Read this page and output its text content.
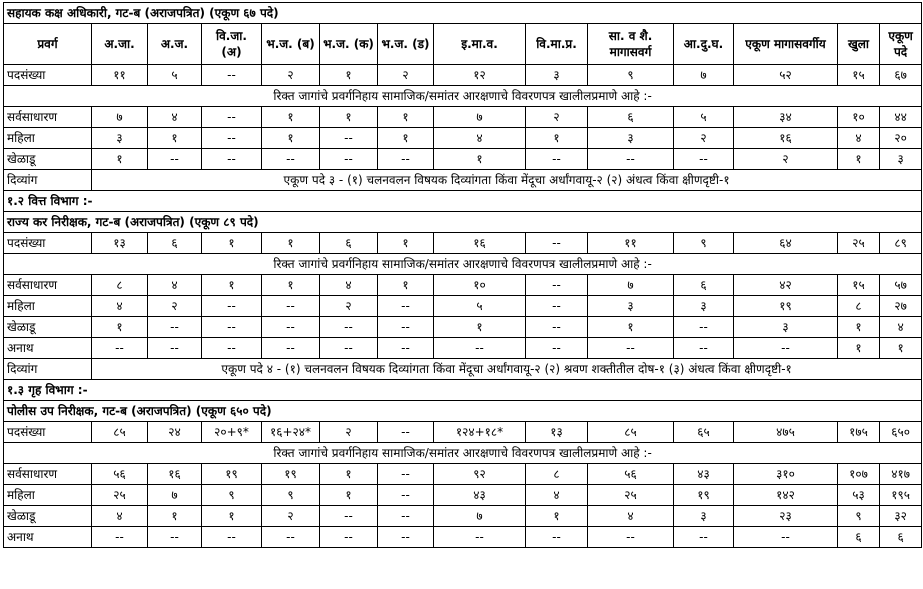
सहायक कक्ष अधिकारी, गट-ब (अराजपत्रित) (एकूण ६७ पदे)													
प्रवर्ग	अ.जा.	अ.ज.	वि.जा. (अ)	भ.ज. (ब)	भ.ज. (क)	भ.ज. (ड)	इ.मा.व.	वि.मा.प्र.	सा. व शै. मागासवर्ग	आ.दु.घ.	एकूण मागासवर्गीय	खुला	एकूण पदे
पदसंख्या	११	५	--	२	१	२	१२	३	९	७	५२	१५	६७
रिक्त जागांचे प्रवर्गनिहाय सामाजिक/समांतर आरक्षणाचे विवरणपत्र खालीलप्रमाणे आहे :-													
सर्वसाधारण	७	४	--	१	१	१	७	२	६	५	३४	१०	४४
महिला	३	१	--	१	--	१	४	१	३	२	१६	४	२०
खेळाडू	१	--	--	--	--	--	१	--	--	--	२	१	३
दिव्यांग	एकूण पदे ३ - (१) चलनवलन विषयक दिव्यांगता किंवा मेंदूचा अर्धांगवायू-२ (२) अंधत्व किंवा क्षीणदृष्टी-१												
१.२ वित्त विभाग :-													
राज्य कर निरीक्षक, गट-ब (अराजपत्रित) (एकूण ८९ पदे)													
पदसंख्या	१३	६	१	१	६	१	१६	--	११	९	६४	२५	८९
रिक्त जागांचे प्रवर्गनिहाय सामाजिक/समांतर आरक्षणाचे विवरणपत्र खालीलप्रमाणे आहे :-													
सर्वसाधारण	८	४	१	१	४	१	१०	--	७	६	४२	१५	५७
महिला	४	२	--	--	२	--	५	--	३	३	१९	८	२७
खेळाडू	१	--	--	--	--	--	१	--	१	--	३	१	४
अनाथ	--	--	--	--	--	--	--	--	--	--	--	१	१
दिव्यांग	एकूण पदे ४ - (१) चलनवलन विषयक दिव्यांगता किंवा मेंदूचा अर्धांगवायू-२ (२) श्रवण शक्तीतील दोष-१ (३) अंधत्व किंवा क्षीणदृष्टी-१												
१.३ गृह विभाग :-													
पोलीस उप निरीक्षक, गट-ब (अराजपत्रित) (एकूण ६५० पदे)													
पदसंख्या	८५	२४	२०+९*	१६+२४*	२	--	१२४+१८*	१३	८५	६५	४७५	१७५	६५०
रिक्त जागांचे प्रवर्गनिहाय सामाजिक/समांतर आरक्षणाचे विवरणपत्र खालीलप्रमाणे आहे :-													
सर्वसाधारण	५६	१६	१९	१९	१	--	९२	८	५६	४३	३१०	१०७	४१७
महिला	२५	७	९	९	१	--	४३	४	२५	१९	१४२	५३	१९५
खेळाडू	४	१	१	२	--	--	७	१	४	३	२३	९	३२
अनाथ	--	--	--	--	--	--	--	--	--	--	--	६	६
